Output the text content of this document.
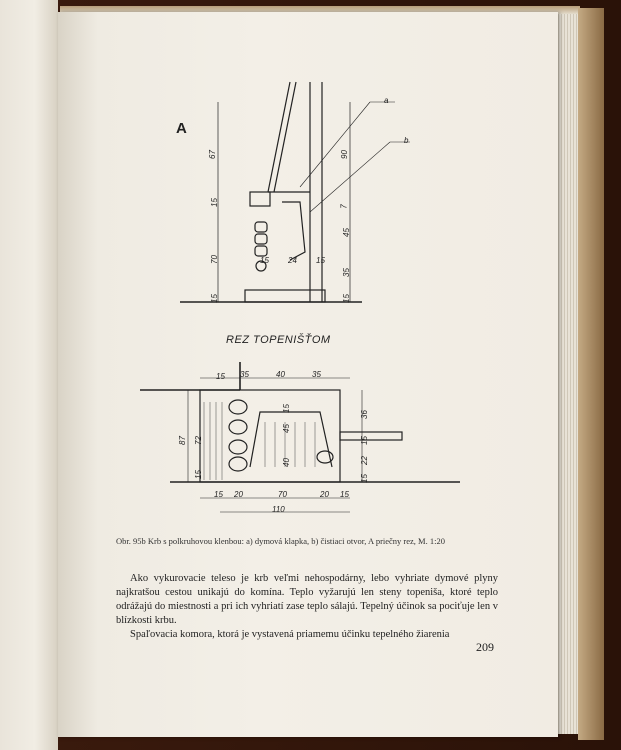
A
REZ TOPENIŠŤOM
a
b
67
15
70
15
90
7
45
35
15
15 24 15
15 35	40	35
87 72
15
36
15
22
15
15
45
40
15 20	70	20 15
110
Obr. 95b Krb s polkruhovou klenbou: a) dymová klapka, b) čistiaci otvor, A priečny rez, M. 1:20

Ako vykurovacie teleso je krb veľmi nehospodárny, lebo vyhriate dymové plyny najkratšou cestou unikajú do komína. Teplo vyžarujú len steny topeniša, ktoré teplo odrážajú do miestnosti a pri ich vyhriatí zase teplo sálajú. Tepelný účinok sa pociťuje len v blízkosti krbu.

Spaľovacia komora, ktorá je vystavená priamemu účinku tepelného žiarenia

209
